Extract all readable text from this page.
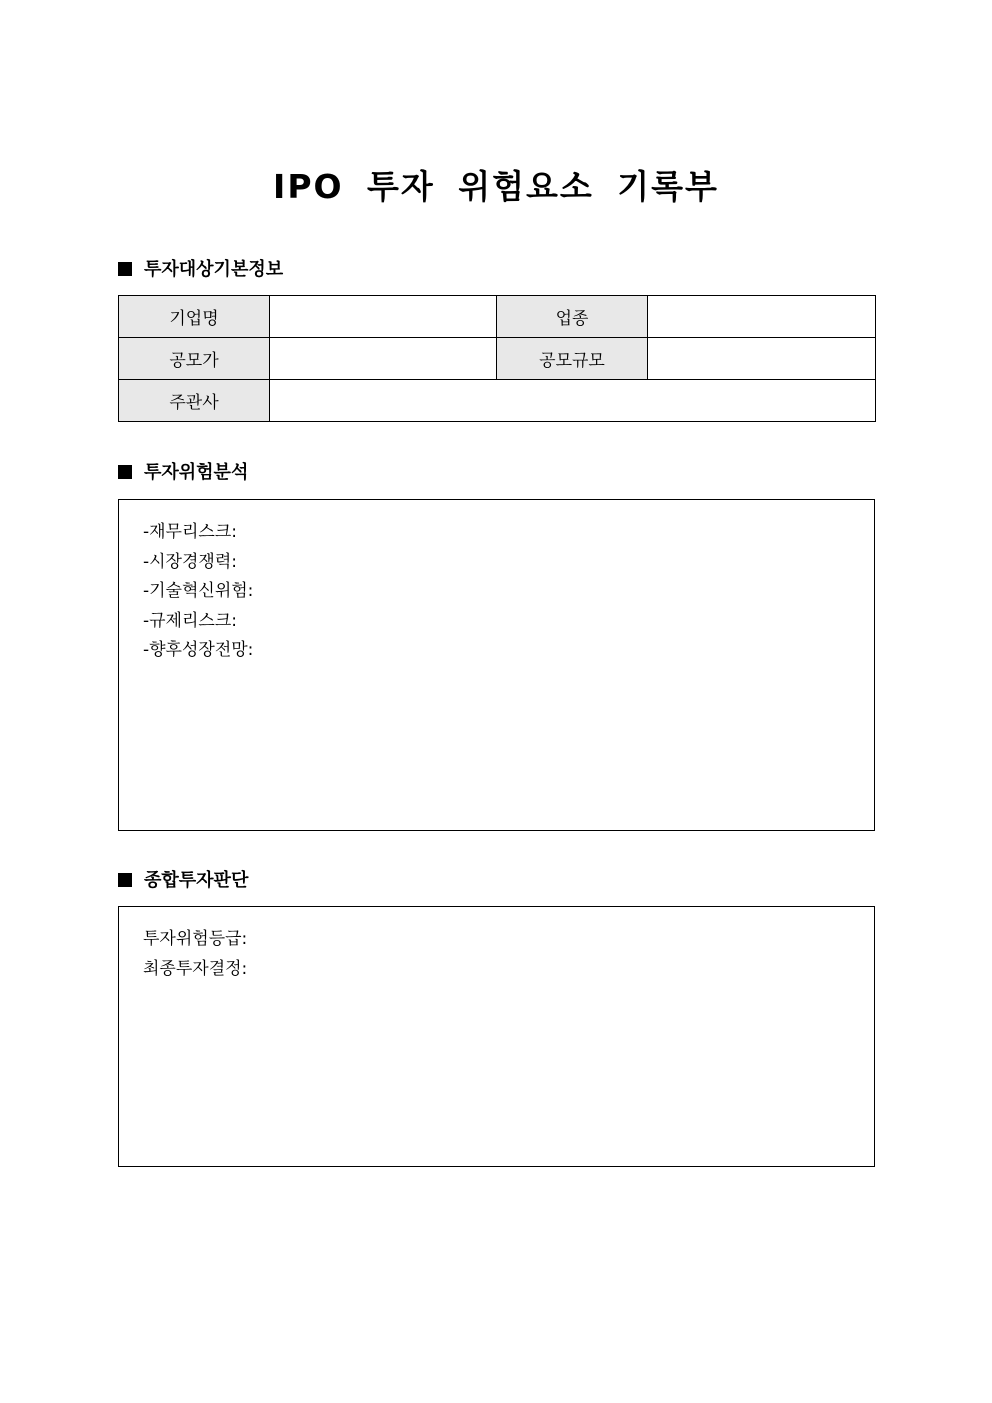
IPO 투자 위험요소 기록부
투자대상기본정보
기업명		업종	
공모가		공모규모	
주관사			
투자위험분석
-재무리스크:
-시장경쟁력:
-기술혁신위험:
-규제리스크:
-향후성장전망:
종합투자판단
투자위험등급:
최종투자결정:
